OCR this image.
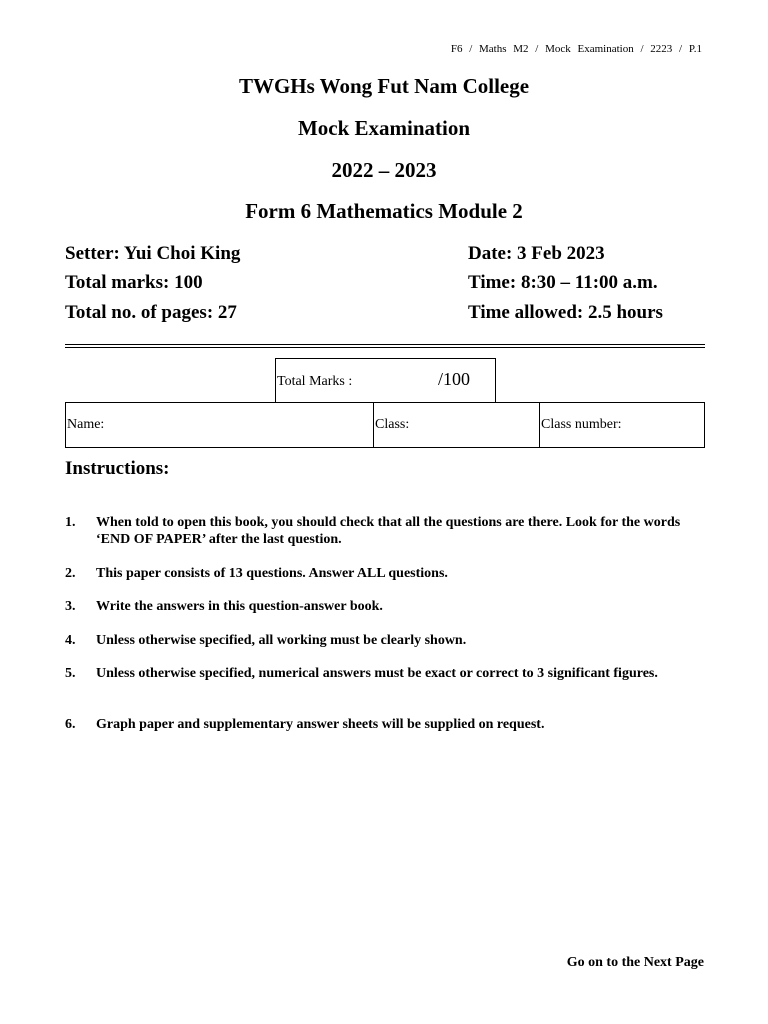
F6 / Maths M2 / Mock Examination / 2223 / P.1
TWGHs Wong Fut Nam College
Mock Examination
2022 – 2023
Form 6 Mathematics Module 2
Setter: Yui Choi King
Total marks: 100
Total no. of pages: 27
Date: 3 Feb 2023
Time: 8:30 – 11:00 a.m.
Time allowed: 2.5 hours
Total Marks :	/100
Name:	Class:	Class number:
Instructions:
1. When told to open this book, you should check that all the questions are there. Look for the words ‘END OF PAPER’ after the last question.
2. This paper consists of 13 questions. Answer ALL questions.
3. Write the answers in this question-answer book.
4. Unless otherwise specified, all working must be clearly shown.
5. Unless otherwise specified, numerical answers must be exact or correct to 3 significant figures.
6. Graph paper and supplementary answer sheets will be supplied on request.
Go on to the Next Page
